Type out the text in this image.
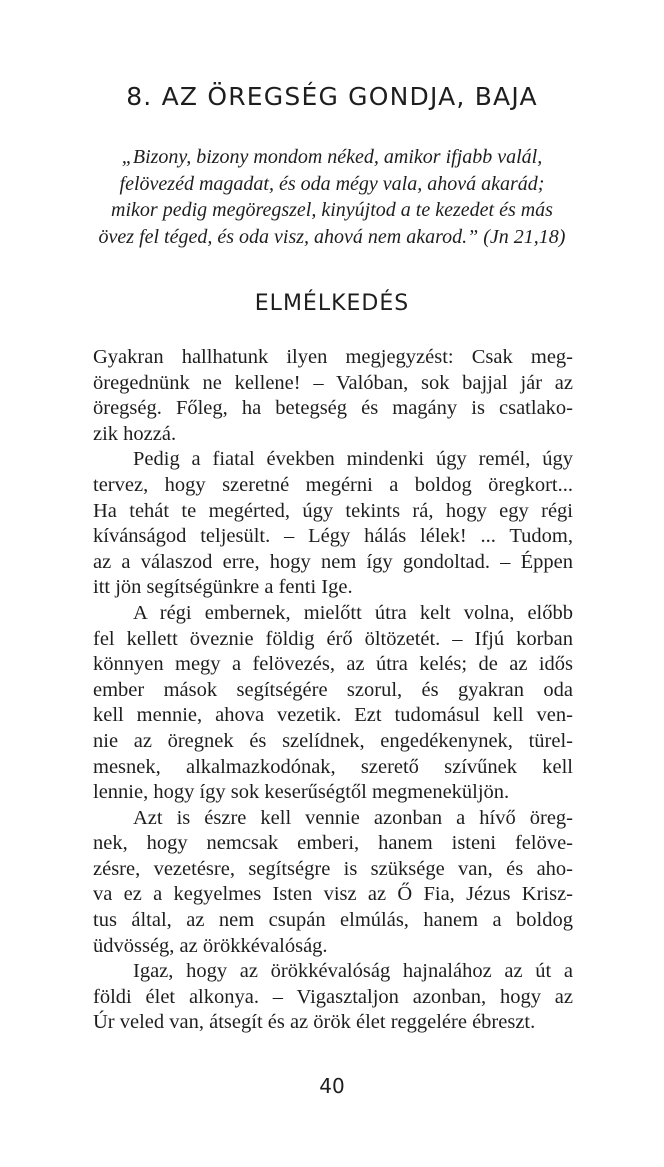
8. AZ ÖREGSÉG GONDJA, BAJA
„Bizony, bizony mondom néked, amikor ifjabb valál,
felövezéd magadat, és oda mégy vala, ahová akarád;
mikor pedig megöregszel, kinyújtod a te kezedet és más
övez fel téged, és oda visz, ahová nem akarod.” (Jn 21,18)
ELMÉLKEDÉS
Gyakran hallhatunk ilyen megjegyzést: Csak meg-
öregednünk ne kellene! – Valóban, sok bajjal jár az
öregség. Főleg, ha betegség és magány is csatlako-
zik hozzá.
Pedig a fiatal években mindenki úgy remél, úgy
tervez, hogy szeretné megérni a boldog öregkort...
Ha tehát te megérted, úgy tekints rá, hogy egy régi
kívánságod teljesült. – Légy hálás lélek! ... Tudom,
az a válaszod erre, hogy nem így gondoltad. – Éppen
itt jön segítségünkre a fenti Ige.
A régi embernek, mielőtt útra kelt volna, előbb
fel kellett öveznie földig érő öltözetét. – Ifjú korban
könnyen megy a felövezés, az útra kelés; de az idős
ember mások segítségére szorul, és gyakran oda
kell mennie, ahova vezetik. Ezt tudomásul kell ven-
nie az öregnek és szelídnek, engedékenynek, türel-
mesnek, alkalmazkodónak, szerető szívűnek kell
lennie, hogy így sok keserűségtől megmeneküljön.
Azt is észre kell vennie azonban a hívő öreg-
nek, hogy nemcsak emberi, hanem isteni felöve-
zésre, vezetésre, segítségre is szüksége van, és aho-
va ez a kegyelmes Isten visz az Ő Fia, Jézus Krisz-
tus által, az nem csupán elmúlás, hanem a boldog
üdvösség, az örökkévalóság.
Igaz, hogy az örökkévalóság hajnalához az út a
földi élet alkonya. – Vigasztaljon azonban, hogy az
Úr veled van, átsegít és az örök élet reggelére ébreszt.
40
